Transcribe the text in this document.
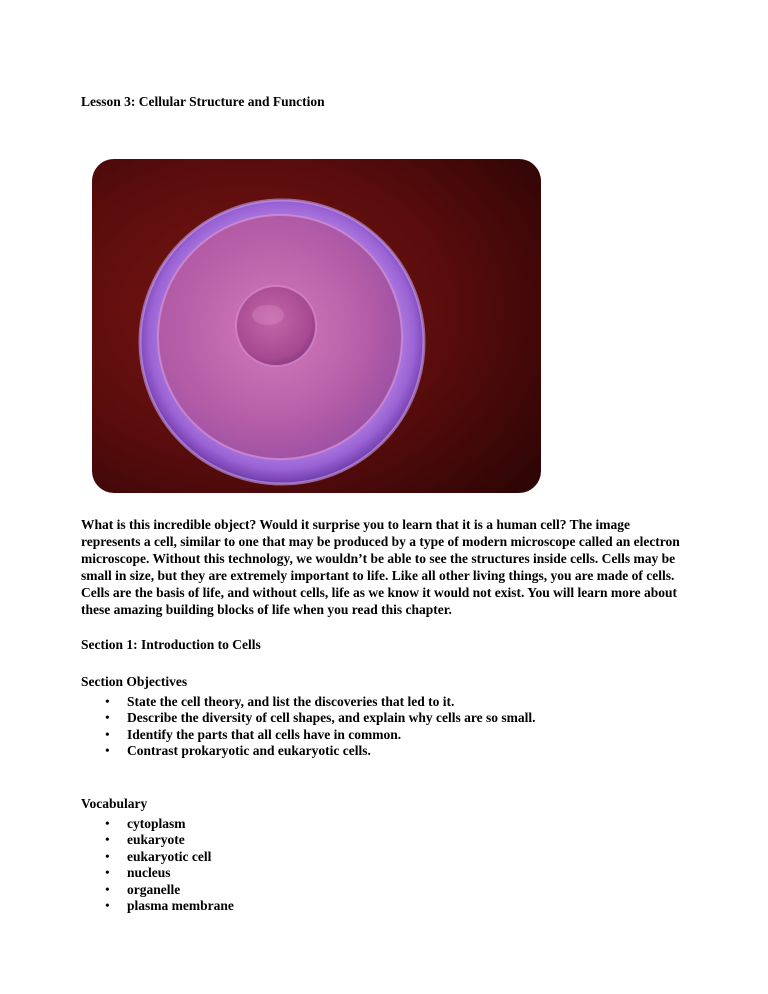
Lesson 3: Cellular Structure and Function

What is this incredible object? Would it surprise you to learn that it is a human cell? The image represents a cell, similar to one that may be produced by a type of modern microscope called an electron microscope. Without this technology, we wouldn’t be able to see the structures inside cells. Cells may be small in size, but they are extremely important to life. Like all other living things, you are made of cells. Cells are the basis of life, and without cells, life as we know it would not exist. You will learn more about these amazing building blocks of life when you read this chapter.

Section 1: Introduction to Cells
Section Objectives
• State the cell theory, and list the discoveries that led to it.
• Describe the diversity of cell shapes, and explain why cells are so small.
• Identify the parts that all cells have in common.
• Contrast prokaryotic and eukaryotic cells.
Vocabulary
• cytoplasm
• eukaryote
• eukaryotic cell
• nucleus
• organelle
• plasma membrane
